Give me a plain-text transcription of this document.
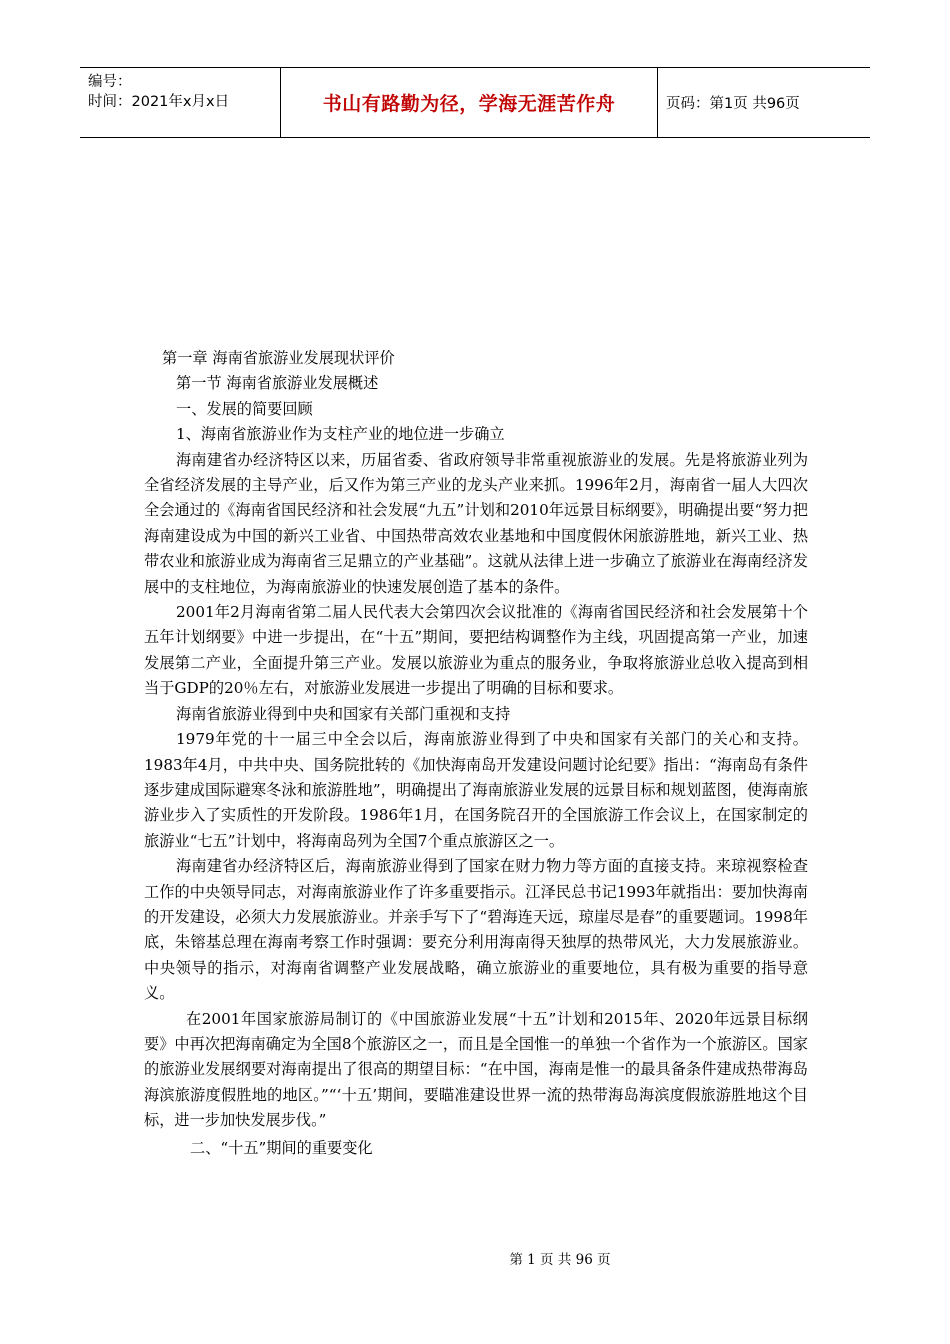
编号：
时间：2021年x月x日	书山有路勤为径，学海无涯苦作舟	页码：第1页 共96页

第一章 海南省旅游业发展现状评价

第一节 海南省旅游业发展概述

一、发展的简要回顾

1、海南省旅游业作为支柱产业的地位进一步确立

海南建省办经济特区以来，历届省委、省政府领导非常重视旅游业的发展。先是将旅游业列为全省经济发展的主导产业，后又作为第三产业的龙头产业来抓。1996年2月，海南省一届人大四次全会通过的《海南省国民经济和社会发展“九五”计划和2010年远景目标纲要》，明确提出要“努力把海南建设成为中国的新兴工业省、中国热带高效农业基地和中国度假休闲旅游胜地，新兴工业、热带农业和旅游业成为海南省三足鼎立的产业基础”。这就从法律上进一步确立了旅游业在海南经济发展中的支柱地位，为海南旅游业的快速发展创造了基本的条件。

2001年2月海南省第二届人民代表大会第四次会议批准的《海南省国民经济和社会发展第十个五年计划纲要》中进一步提出，在“十五”期间，要把结构调整作为主线，巩固提高第一产业，加速发展第二产业，全面提升第三产业。发展以旅游业为重点的服务业，争取将旅游业总收入提高到相当于GDP的20％左右，对旅游业发展进一步提出了明确的目标和要求。

海南省旅游业得到中央和国家有关部门重视和支持

1979年党的十一届三中全会以后，海南旅游业得到了中央和国家有关部门的关心和支持。1983年4月，中共中央、国务院批转的《加快海南岛开发建设问题讨论纪要》指出：“海南岛有条件逐步建成国际避寒冬泳和旅游胜地”，明确提出了海南旅游业发展的远景目标和规划蓝图，使海南旅游业步入了实质性的开发阶段。1986年1月，在国务院召开的全国旅游工作会议上，在国家制定的旅游业“七五”计划中，将海南岛列为全国7个重点旅游区之一。

海南建省办经济特区后，海南旅游业得到了国家在财力物力等方面的直接支持。来琼视察检查工作的中央领导同志，对海南旅游业作了许多重要指示。江泽民总书记1993年就指出：要加快海南的开发建设，必须大力发展旅游业。并亲手写下了“碧海连天远，琼崖尽是春”的重要题词。1998年底，朱镕基总理在海南考察工作时强调：要充分利用海南得天独厚的热带风光，大力发展旅游业。中央领导的指示，对海南省调整产业发展战略，确立旅游业的重要地位，具有极为重要的指导意义。

在2001年国家旅游局制订的《中国旅游业发展“十五”计划和2015年、2020年远景目标纲要》中再次把海南确定为全国8个旅游区之一，而且是全国惟一的单独一个省作为一个旅游区。国家的旅游业发展纲要对海南提出了很高的期望目标：“在中国，海南是惟一的最具备条件建成热带海岛海滨旅游度假胜地的地区。”“‘十五’期间，要瞄准建设世界一流的热带海岛海滨度假旅游胜地这个目标，进一步加快发展步伐。”

二、“十五”期间的重要变化

第 1 页 共 96 页
